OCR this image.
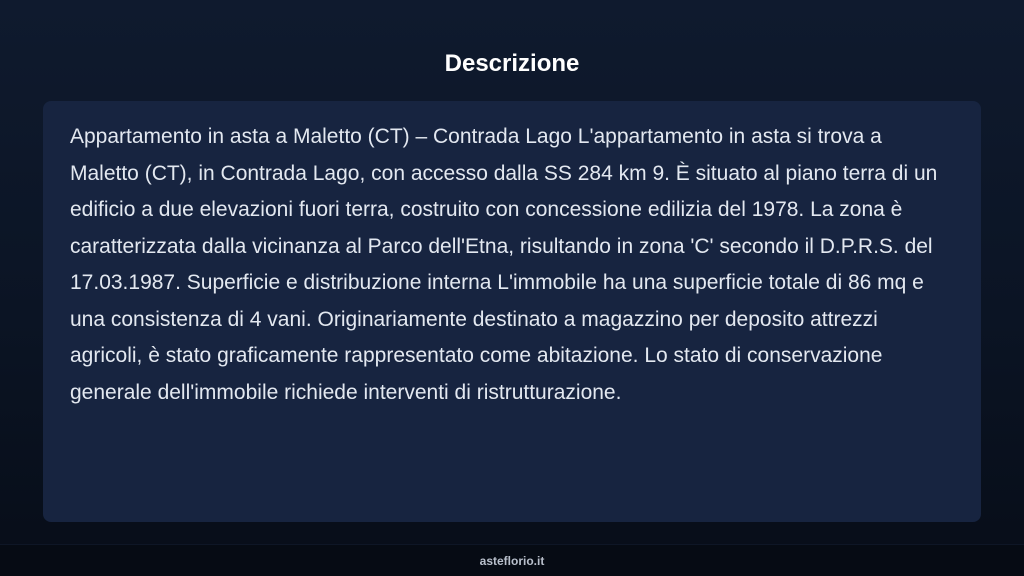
Descrizione

Appartamento in asta a Maletto (CT) – Contrada Lago L'appartamento in asta si trova a Maletto (CT), in Contrada Lago, con accesso dalla SS 284 km 9. È situato al piano terra di un edificio a due elevazioni fuori terra, costruito con concessione edilizia del 1978. La zona è caratterizzata dalla vicinanza al Parco dell'Etna, risultando in zona 'C' secondo il D.P.R.S. del 17.03.1987. Superficie e distribuzione interna L'immobile ha una superficie totale di 86 mq e una consistenza di 4 vani. Originariamente destinato a magazzino per deposito attrezzi agricoli, è stato graficamente rappresentato come abitazione. Lo stato di conservazione generale dell'immobile richiede interventi di ristrutturazione.

asteflorio.it
